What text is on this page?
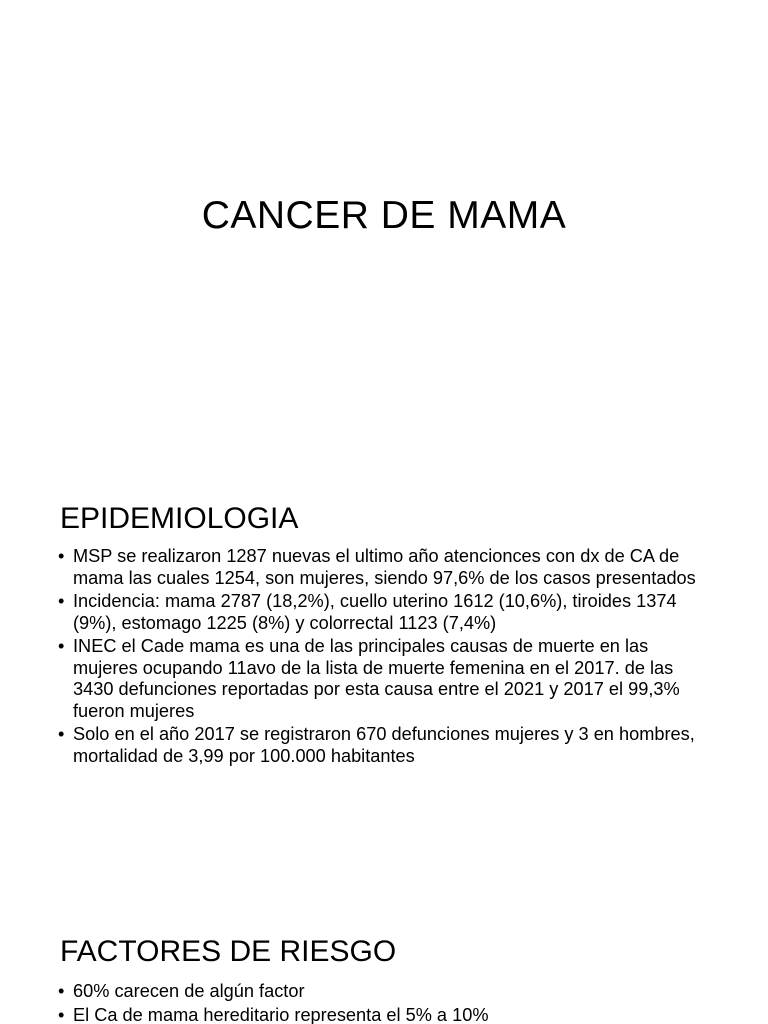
CANCER DE MAMA
EPIDEMIOLOGIA
• MSP se realizaron 1287 nuevas el ultimo año atencionces con dx de CA de mama las cuales 1254, son mujeres, siendo 97,6% de los casos presentados
• Incidencia: mama 2787 (18,2%), cuello uterino 1612 (10,6%), tiroides 1374 (9%), estomago 1225 (8%) y colorrectal 1123 (7,4%)
• INEC el Cade mama es una de las principales causas de muerte en las mujeres ocupando 11avo de la lista de muerte femenina en el 2017. de las 3430 defunciones reportadas por esta causa entre el 2021 y 2017 el 99,3% fueron mujeres
• Solo en el año 2017 se registraron 670 defunciones mujeres y 3 en hombres, mortalidad de 3,99 por 100.000 habitantes
FACTORES DE RIESGO
• 60% carecen de algún factor
• El Ca de mama hereditario representa el 5% a 10%
